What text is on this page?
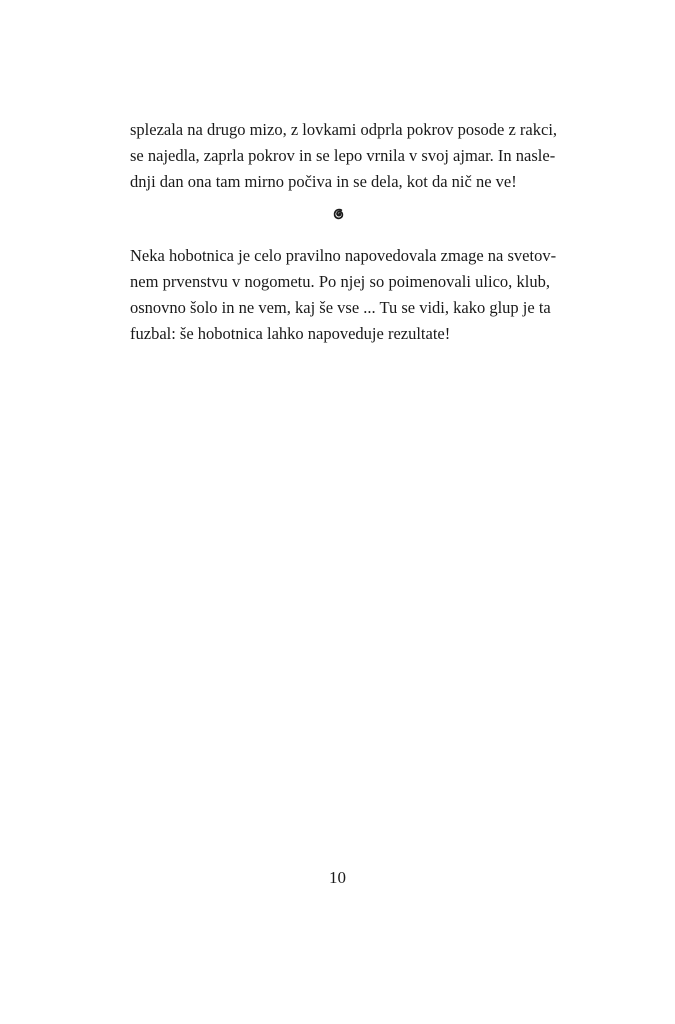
splezala na drugo mizo, z lovkami odprla pokrov posode z rakci,
se najedla, zaprla pokrov in se lepo vrnila v svoj ajmar. In nasle-
dnji dan ona tam mirno počiva in se dela, kot da nič ne ve!
Neka hobotnica je celo pravilno napovedovala zmage na svetov-
nem prvenstvu v nogometu. Po njej so poimenovali ulico, klub,
osnovno šolo in ne vem, kaj še vse ... Tu se vidi, kako glup je ta
fuzbal: še hobotnica lahko napoveduje rezultate!
10
